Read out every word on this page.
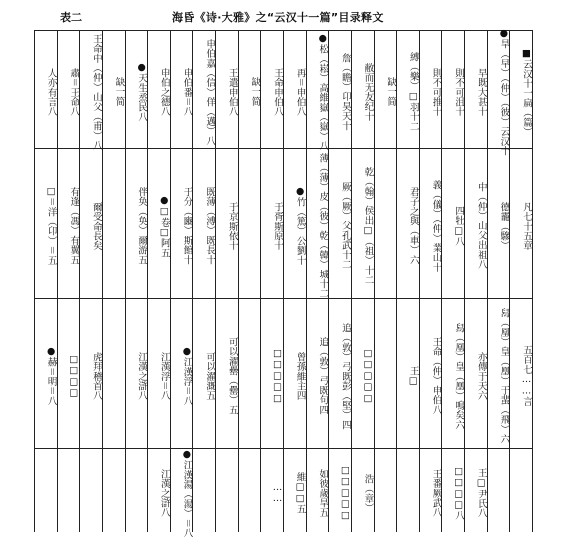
表二	海昏《诗·大雅》之“云汉十一篇”目录释文
■云汉十一扁（篇）
凡七十五章
五百七……言
●旱（早）（仲）（彼）云汉十
德靇（驂）
舄（凰）皇（凰）于蜚（飛）六
早既大甚十
中（仲）山父出祖八
亦傳于天六
王□尹氏八
則不可沮十
四牡□八
舄（凰）皇（凰）鳴矣六
□□□□八
則不可推十
義（儀）（仲）業山十
王命（仲）申伯八
王番厥武八
縛（樂）□羽十二
君子之與（車）六
王□
缺一简
敝而无友纪十
乾（翰）侯出□（祖）十二
□□□□□
浩（章）
詹（瞻）卬昊天十
厥（厥）父孔武十二
追（敦）弓既彭（堅）四
□□□□□
●松（崧）高維嶽（嶽）八
薄（薄）皮（彼）乾（韓）城十二
追（敦）弓既句四
如彼歲旱五
再＝申伯八
●竹（篤）公劉十
曾孫維主四
維□□五
王命申伯八
于胥斯原十
□□□□□
……
缺一简
王遣申伯八
于京斯依十
可以濯罍（罍）五
申伯嘉（信）佯（邁）八
既薄（溥）既長十
可以濯溉五
申伯番＝八
于分（豳）斯館十
●江漢浮＝八
●江漢湯（湯）＝八
申伯之德八
●□卷□阿五
江漢浮＝八
江漢之滸八
●天生烝民八
伴奂（奂）爾游五
江漢之滸八
缺一简
王命中（仲）山父（甫）八
爾受命長矣
虎拜稽首八
肅＝王命八
有逢（馮）有翼五
□□□□
人亦有言八
□＝洋（卬）＝五
●赫＝明＝八
